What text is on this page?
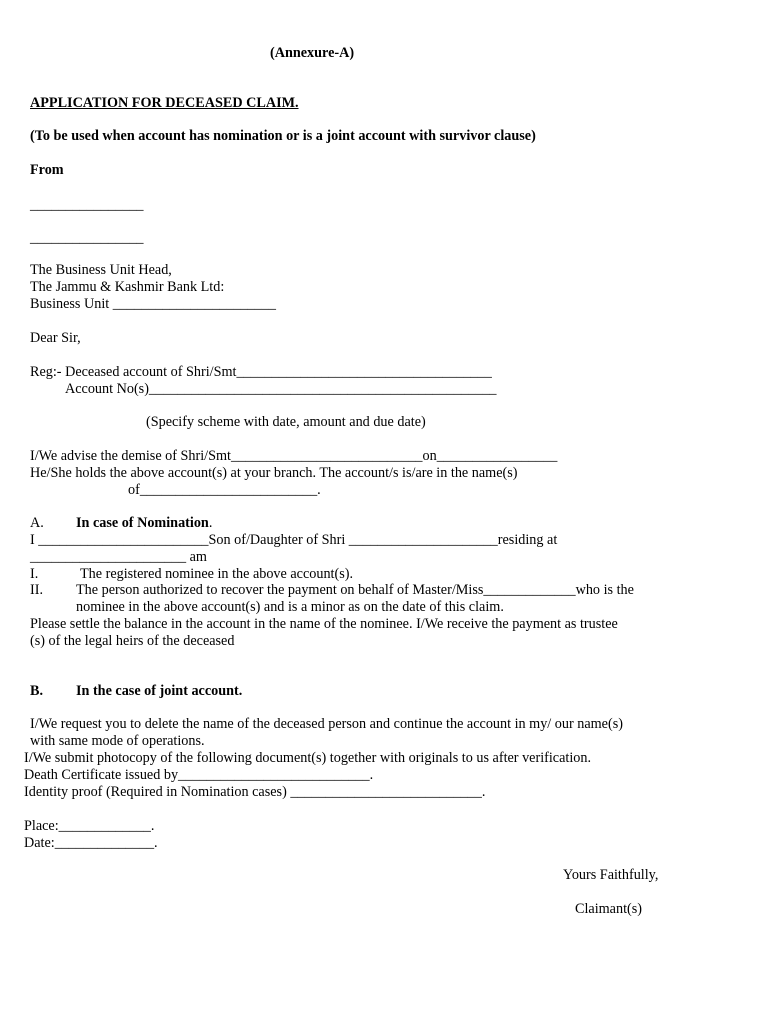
(Annexure-A)
APPLICATION FOR DECEASED CLAIM.
(To be used when account has nomination or is a joint account with survivor clause)
From
________________
________________
The Business Unit Head,
The Jammu & Kashmir Bank Ltd:
Business Unit _______________________
Dear Sir,
Reg:- Deceased account of Shri/Smt____________________________________
Account No(s)_________________________________________________
(Specify scheme with date, amount and due date)
I/We advise the demise of Shri/Smt___________________________on_________________
He/She holds the above account(s) at your branch. The account/s is/are in the name(s)
of_________________________.
A. In case of Nomination.
I ________________________Son of/Daughter of Shri _____________________residing at
______________________ am
I.	The registered nominee in the above account(s).
II. The person authorized to recover the payment on behalf of Master/Miss_____________who is the
nominee in the above account(s) and is a minor as on the date of this claim.
Please settle the balance in the account in the name of the nominee. I/We receive the payment as trustee
(s) of the legal heirs of the deceased
B. In the case of joint account.
I/We request you to delete the name of the deceased person and continue the account in my/ our name(s)
with same mode of operations.
I/We submit photocopy of the following document(s) together with originals to us after verification.
Death Certificate issued by___________________________.
Identity proof (Required in Nomination cases) ___________________________.
Place:_____________.
Date:______________.
Yours Faithfully,
Claimant(s)
